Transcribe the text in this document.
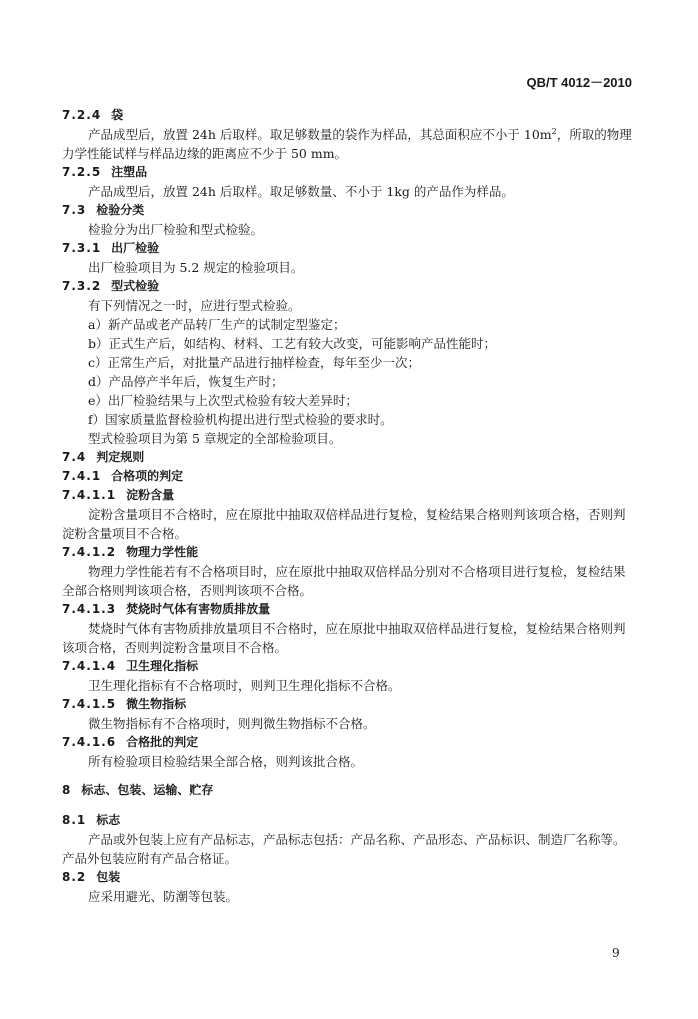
QB/T 4012－2010
7.2.4 袋
产品成型后，放置 24h 后取样。取足够数量的袋作为样品，其总面积应不小于 $10m^2$，所取的物理
力学性能试样与样品边缘的距离应不少于 50 mm。
7.2.5 注塑品
产品成型后，放置 24h 后取样。取足够数量、不小于 1kg 的产品作为样品。
7.3 检验分类
检验分为出厂检验和型式检验。
7.3.1 出厂检验
出厂检验项目为 5.2 规定的检验项目。
7.3.2 型式检验
有下列情况之一时，应进行型式检验。
a）新产品或老产品转厂生产的试制定型鉴定；
b）正式生产后，如结构、材料、工艺有较大改变，可能影响产品性能时；
c）正常生产后，对批量产品进行抽样检查，每年至少一次；
d）产品停产半年后，恢复生产时；
e）出厂检验结果与上次型式检验有较大差异时；
f）国家质量监督检验机构提出进行型式检验的要求时。
型式检验项目为第 5 章规定的全部检验项目。
7.4 判定规则
7.4.1 合格项的判定
7.4.1.1 淀粉含量
淀粉含量项目不合格时，应在原批中抽取双倍样品进行复检，复检结果合格则判该项合格，否则判
淀粉含量项目不合格。
7.4.1.2 物理力学性能
物理力学性能若有不合格项目时，应在原批中抽取双倍样品分别对不合格项目进行复检，复检结果
全部合格则判该项合格，否则判该项不合格。
7.4.1.3 焚烧时气体有害物质排放量
焚烧时气体有害物质排放量项目不合格时，应在原批中抽取双倍样品进行复检，复检结果合格则判
该项合格，否则判淀粉含量项目不合格。
7.4.1.4 卫生理化指标
卫生理化指标有不合格项时，则判卫生理化指标不合格。
7.4.1.5 微生物指标
微生物指标有不合格项时，则判微生物指标不合格。
7.4.1.6 合格批的判定
所有检验项目检验结果全部合格，则判该批合格。
8 标志、包装、运输、贮存
8.1 标志
产品或外包装上应有产品标志，产品标志包括：产品名称、产品形态、产品标识、制造厂名称等。
产品外包装应附有产品合格证。
8.2 包装
应采用避光、防潮等包装。
9
